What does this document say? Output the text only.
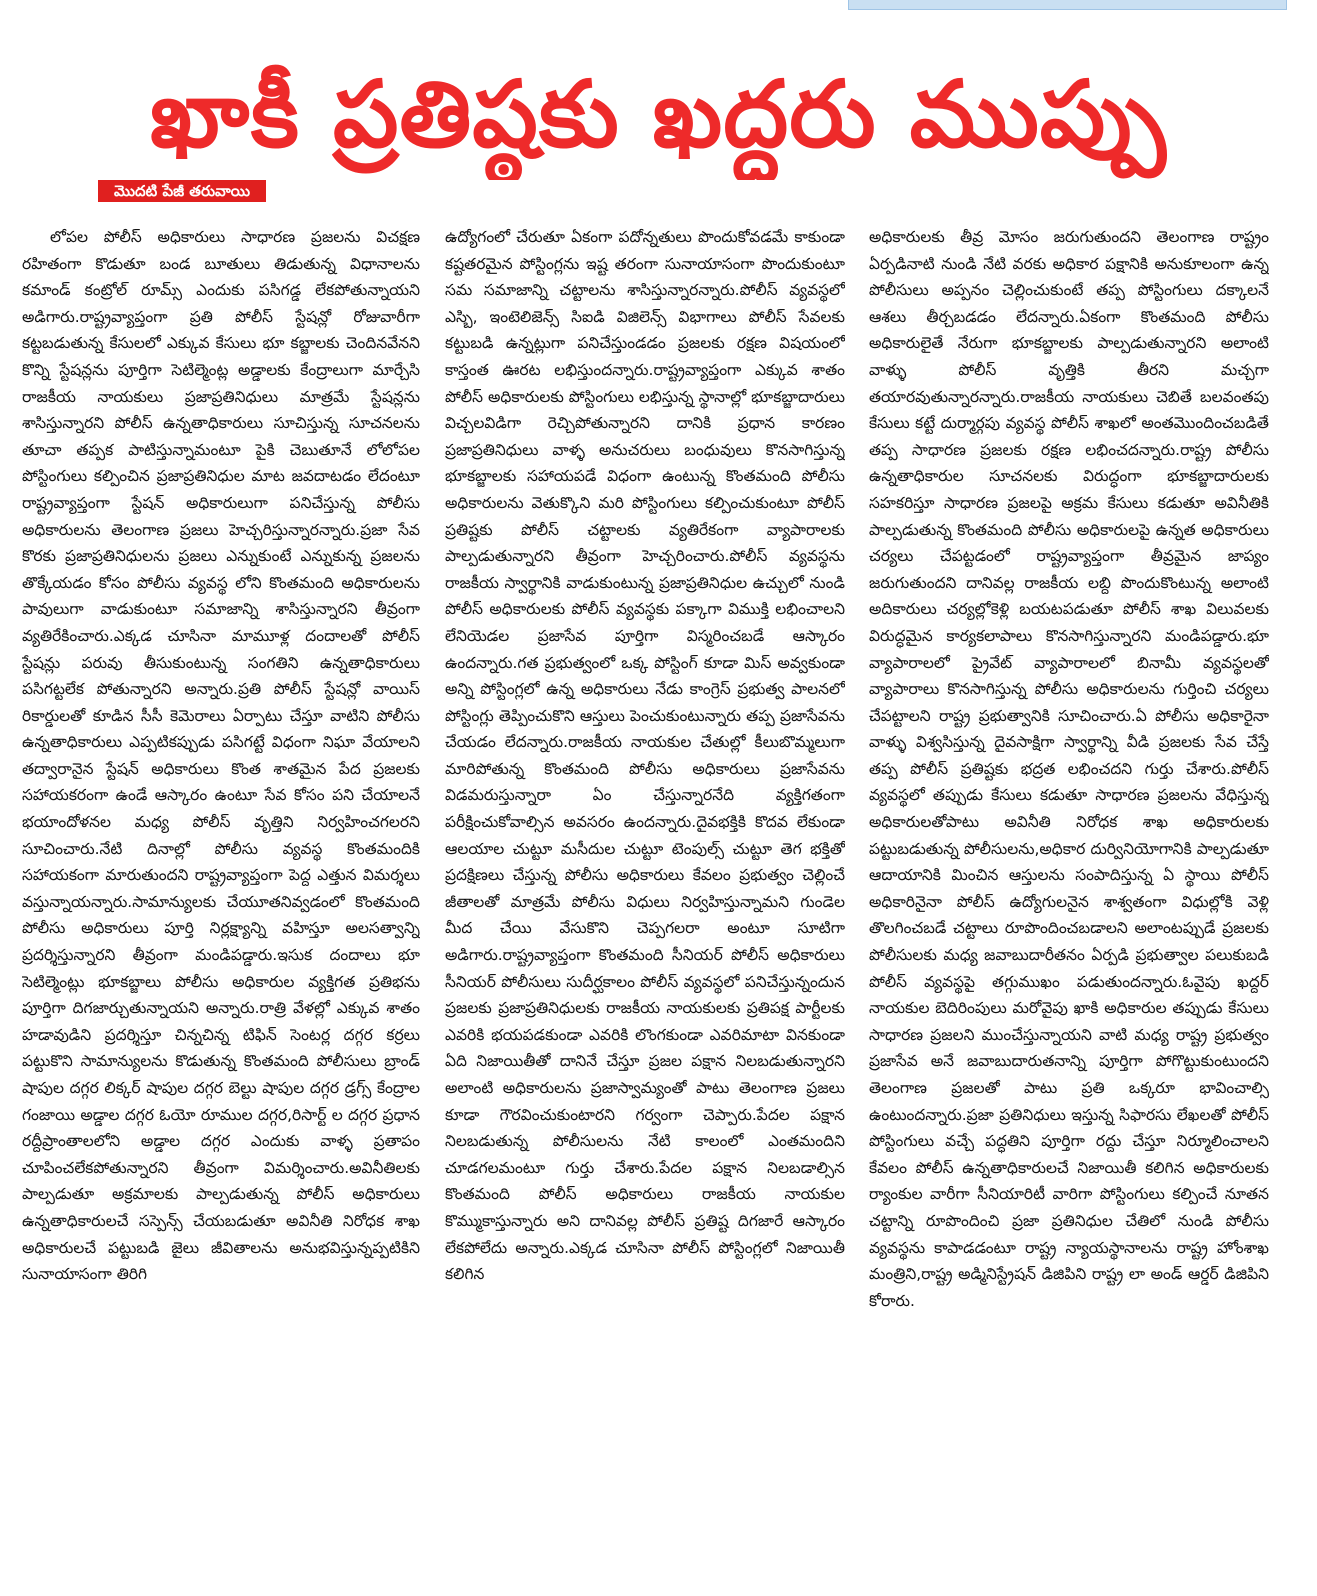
ఖాకీ ప్రతిష్ఠకు ఖద్దరు ముప్పు
మొదటి పేజీ తరువాయి

లోపల పోలీస్ అధికారులు సాధారణ ప్రజలను విచక్షణ రహితంగా కొడుతూ బండ బూతులు తిడుతున్న విధానాలను కమాండ్ కంట్రోల్ రూమ్స్ ఎందుకు పసిగడ్డ లేకపోతున్నాయని అడిగారు.రాష్ట్రవ్యాప్తంగా ప్రతి పోలీస్ స్టేషన్లో రోజువారీగా కట్టబడుతున్న కేసులలో ఎక్కువ కేసులు భూ కబ్జాలకు చెందినవేనని కొన్ని స్టేషన్లను పూర్తిగా సెటిల్మెంట్ల అడ్డాలకు కేంద్రాలుగా మార్చేసి రాజకీయ నాయకులు ప్రజాప్రతినిధులు మాత్రమే స్టేషన్లను శాసిస్తున్నారని పోలీస్ ఉన్నతాధికారులు సూచిస్తున్న సూచనలను తూచా తప్పక పాటిస్తున్నామంటూ పైకి చెబుతూనే లోలోపల పోస్టింగులు కల్పించిన ప్రజాప్రతినిధుల మాట జవదాటడం లేదంటూ రాష్ట్రవ్యాప్తంగా స్టేషన్ అధికారులుగా పనిచేస్తున్న పోలీసు అధికారులను తెలంగాణ ప్రజలు హెచ్చరిస్తున్నారన్నారు.ప్రజా సేవ కొరకు ప్రజాప్రతినిధులను ప్రజలు ఎన్నుకుంటే ఎన్నుకున్న ప్రజలను తొక్కేయడం కోసం పోలీసు వ్యవస్థ లోని కొంతమంది అధికారులను పావులుగా వాడుకుంటూ సమాజాన్ని శాసిస్తున్నారని తీవ్రంగా వ్యతిరేకించారు.ఎక్కడ చూసినా మామూళ్ల దందాలతో పోలీస్ స్టేషన్లు పరువు తీసుకుంటున్న సంగతిని ఉన్నతాధికారులు పసిగట్టలేక పోతున్నారని అన్నారు.ప్రతి పోలీస్ స్టేషన్లో వాయిస్ రికార్డులతో కూడిన సీసీ కెమెరాలు ఏర్పాటు చేస్తూ వాటిని పోలీసు ఉన్నతాధికారులు ఎప్పటికప్పుడు పసిగట్టే విధంగా నిఘా వేయాలని తద్వారానైన స్టేషన్ అధికారులు కొంత శాతమైన పేద ప్రజలకు సహాయకరంగా ఉండే ఆస్కారం ఉంటూ సేవ కోసం పని చేయాలనే భయాందోళనల మధ్య పోలీస్ వృత్తిని నిర్వహించగలరని సూచించారు.నేటి దినాల్లో పోలీసు వ్యవస్థ కొంతమందికి సహాయకంగా మారుతుందని రాష్ట్రవ్యాప్తంగా పెద్ద ఎత్తున విమర్శలు వస్తున్నాయన్నారు.సామాన్యులకు చేయూతనివ్వడంలో కొంతమంది పోలీసు అధికారులు పూర్తి నిర్లక్ష్యాన్ని వహిస్తూ అలసత్వాన్ని ప్రదర్శిస్తున్నారని తీవ్రంగా మండిపడ్డారు.ఇసుక దందాలు భూ సెటిల్మెంట్లు భూకబ్జాలు పోలీసు అధికారుల వ్యక్తిగత ప్రతిభను పూర్తిగా దిగజార్చుతున్నాయని అన్నారు.రాత్రి వేళల్లో ఎక్కువ శాతం హడావుడిని ప్రదర్శిస్తూ చిన్నచిన్న టిఫిన్ సెంటర్ల దగ్గర కర్రలు పట్టుకొని సామాన్యులను కొడుతున్న కొంతమంది పోలీసులు బ్రాండ్ షాపుల దగ్గర లిక్కర్ షాపుల దగ్గర బెల్టు షాపుల దగ్గర డ్రగ్స్ కేంద్రాల గంజాయి అడ్డాల దగ్గర ఓయో రూముల దగ్గర,రిసార్ట్ ల దగ్గర ప్రధాన రద్దీప్రాంతాలలోని అడ్డాల దగ్గర ఎందుకు వాళ్ళ ప్రతాపం చూపించలేకపోతున్నారని తీవ్రంగా విమర్శించారు.అవినీతిలకు పాల్పడుతూ అక్రమాలకు పాల్పడుతున్న పోలీస్ అధికారులు ఉన్నతాధికారులచే సస్పెన్స్ చేయబడుతూ అవినీతి నిరోధక శాఖ అధికారులచే పట్టుబడి జైలు జీవితాలను అనుభవిస్తున్నప్పటికిని సునాయాసంగా తిరిగి

ఉద్యోగంలో చేరుతూ ఏకంగా పదోన్నతులు పొందుకోవడమే కాకుండా కష్టతరమైన పోస్టింగ్లను ఇష్ట తరంగా సునాయాసంగా పొందుకుంటూ సమ సమాజాన్ని చట్టాలను శాసిస్తున్నారన్నారు.పోలీస్ వ్యవస్థలో ఎస్బి, ఇంటెలిజెన్స్ సిఐడి విజిలెన్స్ విభాగాలు పోలీస్ సేవలకు కట్టుబడి ఉన్నట్లుగా పనిచేస్తుండడం ప్రజలకు రక్షణ విషయంలో కాస్తంత ఊరట లభిస్తుందన్నారు.రాష్ట్రవ్యాప్తంగా ఎక్కువ శాతం పోలీస్ అధికారులకు పోస్టింగులు లభిస్తున్న స్థానాల్లో భూకబ్జాదారులు విచ్చలవిడిగా రెచ్చిపోతున్నారని దానికి ప్రధాన కారణం ప్రజాప్రతినిధులు వాళ్ళ అనుచరులు బంధువులు కొనసాగిస్తున్న భూకబ్జాలకు సహాయపడే విధంగా ఉంటున్న కొంతమంది పోలీసు అధికారులను వెతుక్కొని మరి పోస్టింగులు కల్పించుకుంటూ పోలీస్ ప్రతిష్టకు పోలీస్ చట్టాలకు వ్యతిరేకంగా వ్యాపారాలకు పాల్పడుతున్నారని తీవ్రంగా హెచ్చరించారు.పోలీస్ వ్యవస్థను రాజకీయ స్వార్థానికి వాడుకుంటున్న ప్రజాప్రతినిధుల ఉచ్చులో నుండి పోలీస్ అధికారులకు పోలీస్ వ్యవస్థకు పక్కాగా విముక్తి లభించాలని లేనియెడల ప్రజాసేవ పూర్తిగా విస్మరించబడే ఆస్కారం ఉందన్నారు.గత ప్రభుత్వంలో ఒక్క పోస్టింగ్ కూడా మిస్ అవ్వకుండా అన్ని పోస్టింగ్లలో ఉన్న అధికారులు నేడు కాంగ్రెస్ ప్రభుత్వ పాలనలో పోస్టింగ్లు తెప్పించుకొని ఆస్తులు పెంచుకుంటున్నారు తప్ప ప్రజాసేవను చేయడం లేదన్నారు.రాజకీయ నాయకుల చేతుల్లో కీలుబొమ్మలుగా మారిపోతున్న కొంతమంది పోలీసు అధికారులు ప్రజాసేవను విడమరుస్తున్నారా ఏం చేస్తున్నారనేది వ్యక్తిగతంగా పరీక్షించుకోవాల్సిన అవసరం ఉందన్నారు.దైవభక్తికి కొదవ లేకుండా ఆలయాల చుట్టూ మసీదుల చుట్టూ టెంపుల్స్ చుట్టూ తెగ భక్తితో ప్రదక్షిణలు చేస్తున్న పోలీసు అధికారులు కేవలం ప్రభుత్వం చెల్లించే జీతాలతో మాత్రమే పోలీసు విధులు నిర్వహిస్తున్నామని గుండెల మీద చేయి వేసుకొని చెప్పగలరా అంటూ సూటిగా అడిగారు.రాష్ట్రవ్యాప్తంగా కొంతమంది సీనియర్ పోలీస్ అధికారులు సీనియర్ పోలీసులు సుదీర్ఘకాలం పోలీస్ వ్యవస్థలో పనిచేస్తున్నందున ప్రజలకు ప్రజాప్రతినిధులకు రాజకీయ నాయకులకు ప్రతిపక్ష పార్టీలకు ఎవరికి భయపడకుండా ఎవరికి లొంగకుండా ఎవరిమాటా వినకుండా ఏది నిజాయితీతో దానినే చేస్తూ ప్రజల పక్షాన నిలబడుతున్నారని అలాంటి అధికారులను ప్రజాస్వామ్యంతో పాటు తెలంగాణ ప్రజలు కూడా గౌరవించుకుంటారని గర్వంగా చెప్పారు.పేదల పక్షాన నిలబడుతున్న పోలీసులను నేటి కాలంలో ఎంతమందిని చూడగలమంటూ గుర్తు చేశారు.పేదల పక్షాన నిలబడాల్సిన కొంతమంది పోలీస్ అధికారులు రాజకీయ నాయకుల కొమ్ముకాస్తున్నారు అని దానివల్ల పోలీస్ ప్రతిష్ట దిగజారే ఆస్కారం లేకపోలేదు అన్నారు.ఎక్కడ చూసినా పోలీస్ పోస్టింగ్లలో నిజాయితీ కలిగిన

అధికారులకు తీవ్ర మోసం జరుగుతుందని తెలంగాణ రాష్ట్రం ఏర్పడినాటి నుండి నేటి వరకు అధికార పక్షానికి అనుకూలంగా ఉన్న పోలీసులు అప్పనం చెల్లించుకుంటే తప్ప పోస్టింగులు దక్కాలనే ఆశలు తీర్చబడడం లేదన్నారు.ఏకంగా కొంతమంది పోలీసు అధికారులైతే నేరుగా భూకబ్జాలకు పాల్పడుతున్నారని అలాంటి వాళ్ళు పోలీస్ వృత్తికి తీరని మచ్చగా తయారవుతున్నారన్నారు.రాజకీయ నాయకులు చెబితే బలవంతపు కేసులు కట్టే దుర్మార్గపు వ్యవస్థ పోలీస్ శాఖలో అంతమొందించబడితే తప్ప సాధారణ ప్రజలకు రక్షణ లభించదన్నారు.రాష్ట్ర పోలీసు ఉన్నతాధికారుల సూచనలకు విరుద్ధంగా భూకబ్జాదారులకు సహకరిస్తూ సాధారణ ప్రజలపై అక్రమ కేసులు కడుతూ అవినీతికి పాల్పడుతున్న కొంతమంది పోలీసు అధికారులపై ఉన్నత అధికారులు చర్యలు చేపట్టడంలో రాష్ట్రవ్యాప్తంగా తీవ్రమైన జాప్యం జరుగుతుందని దానివల్ల రాజకీయ లబ్ది పొందుకొంటున్న అలాంటి అదికారులు చర్యల్లోకెళ్లి బయటపడుతూ పోలీస్ శాఖ విలువలకు విరుద్ధమైన కార్యకలాపాలు కొనసాగిస్తున్నారని మండిపడ్డారు.భూ వ్యాపారాలలో ప్రైవేట్ వ్యాపారాలలో బినామీ వ్యవస్థలతో వ్యాపారాలు కొనసాగిస్తున్న పోలీసు అధికారులను గుర్తించి చర్యలు చేపట్టాలని రాష్ట్ర ప్రభుత్వానికి సూచించారు.ఏ పోలీసు అధికారైనా వాళ్ళు విశ్వసిస్తున్న దైవసాక్షిగా స్వార్థాన్ని వీడి ప్రజలకు సేవ చేస్తే తప్ప పోలీస్ ప్రతిష్టకు భద్రత లభించదని గుర్తు చేశారు.పోలీస్ వ్యవస్థలో తప్పుడు కేసులు కడుతూ సాధారణ ప్రజలను వేధిస్తున్న అధికారులతోపాటు అవినీతి నిరోధక శాఖ అధికారులకు పట్టుబడుతున్న పోలీసులను,అధికార దుర్వినియోగానికి పాల్పడుతూ ఆదాయానికి మించిన ఆస్తులను సంపాదిస్తున్న ఏ స్థాయి పోలీస్ అధికారినైనా పోలీస్ ఉద్యోగులనైన శాశ్వతంగా విధుల్లోకి వెళ్లి తొలగించబడే చట్టాలు రూపొందించబడాలని అలాంటప్పుడే ప్రజలకు పోలీసులకు మధ్య జవాబుదారీతనం ఏర్పడి ప్రభుత్వాల పలుకుబడి పోలీస్ వ్యవస్థపై తగ్గుముఖం పడుతుందన్నారు.ఓవైపు ఖద్దర్ నాయకుల బెదిరింపులు మరోవైపు ఖాకి అధికారుల తప్పుడు కేసులు సాధారణ ప్రజలని ముంచేస్తున్నాయని వాటి మధ్య రాష్ట్ర ప్రభుత్వం ప్రజాసేవ అనే జవాబుదారుతనాన్ని పూర్తిగా పోగొట్టుకుంటుందని తెలంగాణ ప్రజలతో పాటు ప్రతి ఒక్కరూ భావించాల్సి ఉంటుందన్నారు.ప్రజా ప్రతినిధులు ఇస్తున్న సిఫారసు లేఖలతో పోలీస్ పోస్టింగులు వచ్చే పద్ధతిని పూర్తిగా రద్దు చేస్తూ నిర్మూలించాలని కేవలం పోలీస్ ఉన్నతాధికారులచే నిజాయితీ కలిగిన అధికారులకు ర్యాంకుల వారీగా సీనియారిటీ వారిగా పోస్టింగులు కల్పించే నూతన చట్టాన్ని రూపొందించి ప్రజా ప్రతినిధుల చేతిలో నుండి పోలీసు వ్యవస్థను కాపాడడంటూ రాష్ట్ర న్యాయస్థానాలను రాష్ట్ర హోంశాఖ మంత్రిని,రాష్ట్ర అడ్మినిస్ట్రేషన్ డిజిపిని రాష్ట్ర లా అండ్ ఆర్డర్ డిజిపిని కోరారు.
